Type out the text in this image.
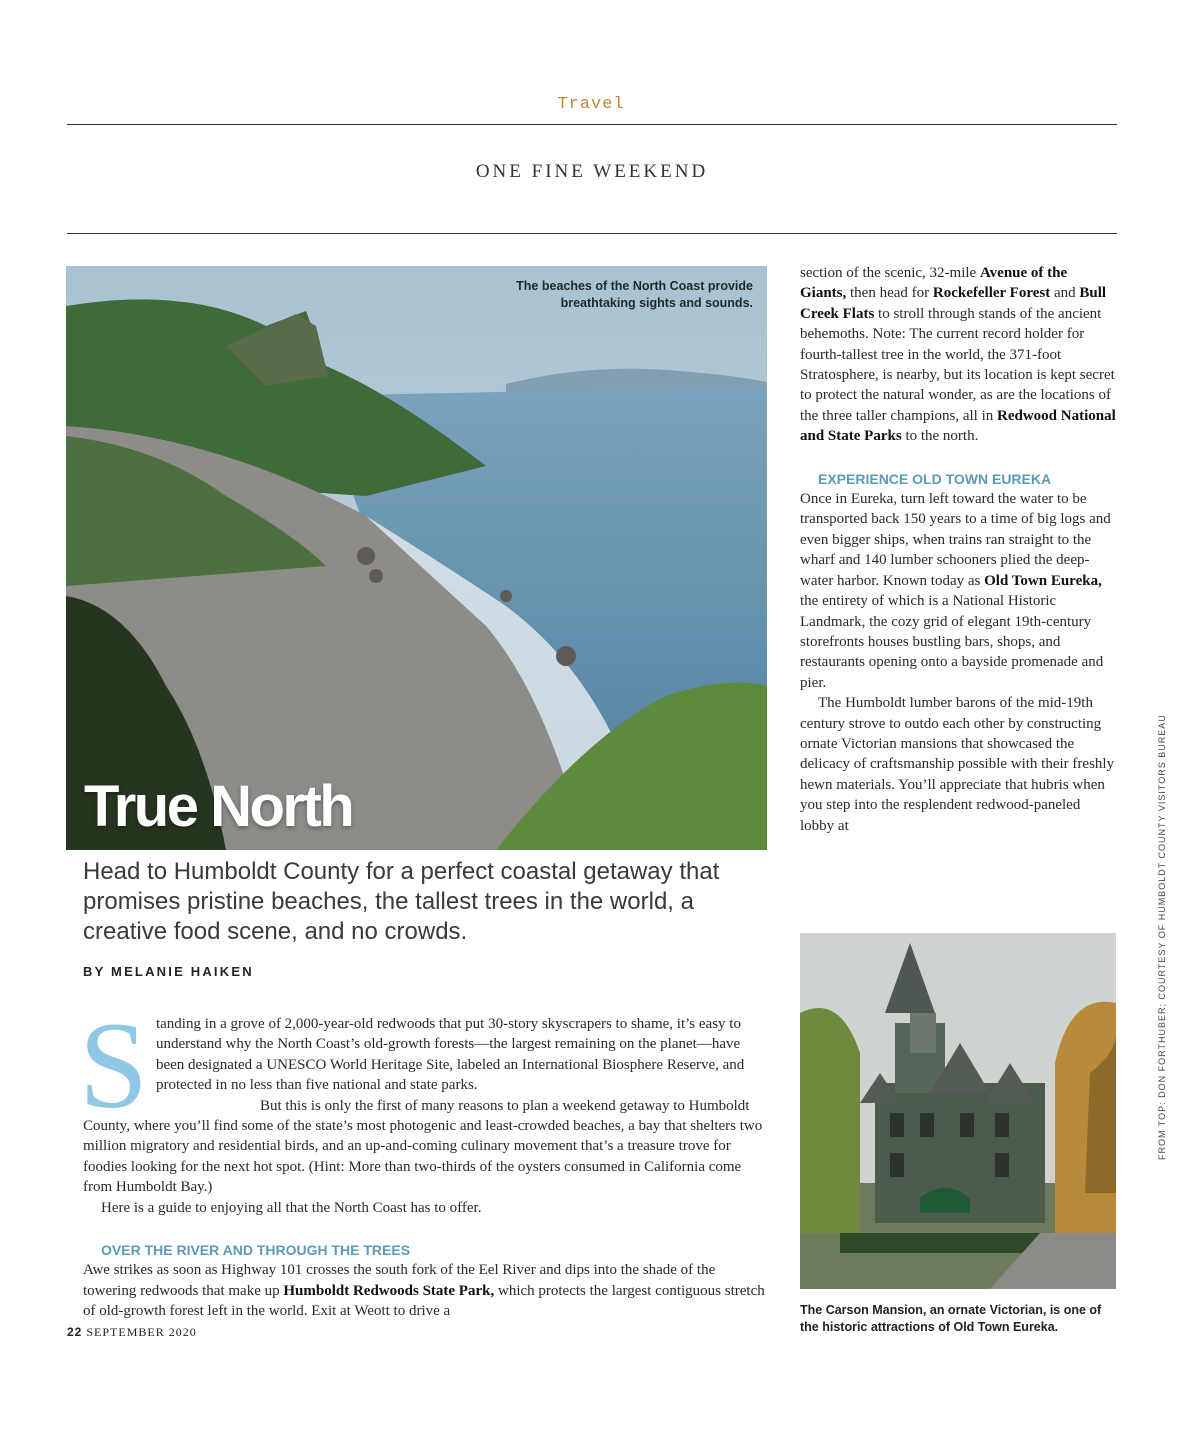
Travel
ONE FINE WEEKEND
The beaches of the North Coast provide breathtaking sights and sounds.
True North
Head to Humboldt County for a perfect coastal getaway that promises pristine beaches, the tallest trees in the world, a creative food scene, and no crowds.
BY MELANIE HAIKEN
S tanding in a grove of 2,000-year-old redwoods that put 30-story skyscrapers to shame, it’s easy to understand why the North Coast’s old-growth forests—the largest remaining on the planet—have been designated a UNESCO World Heritage Site, labeled an International Biosphere Reserve, and protected in no less than five national and state parks.

But this is only the first of many reasons to plan a weekend getaway to Humboldt County, where you’ll find some of the state’s most photogenic and least-crowded beaches, a bay that shelters two million migratory and residential birds, and an up-and-coming culinary movement that’s a treasure trove for foodies looking for the next hot spot. (Hint: More than two-thirds of the oysters consumed in California come from Humboldt Bay.)

Here is a guide to enjoying all that the North Coast has to offer.

OVER THE RIVER AND THROUGH THE TREES

Awe strikes as soon as Highway 101 crosses the south fork of the Eel River and dips into the shade of the towering redwoods that make up Humboldt Redwoods State Park, which protects the largest contiguous stretch of old-growth forest left in the world. Exit at Weott to drive a

section of the scenic, 32-mile Avenue of the Giants, then head for Rockefeller Forest and Bull Creek Flats to stroll through stands of the ancient behemoths. Note: The current record holder for fourth-tallest tree in the world, the 371-foot Stratosphere, is nearby, but its location is kept secret to protect the natural wonder, as are the locations of the three taller champions, all in Redwood National and State Parks to the north.

EXPERIENCE OLD TOWN EUREKA

Once in Eureka, turn left toward the water to be transported back 150 years to a time of big logs and even bigger ships, when trains ran straight to the wharf and 140 lumber schooners plied the deep-water harbor. Known today as Old Town Eureka, the entirety of which is a National Historic Landmark, the cozy grid of elegant 19th-century storefronts houses bustling bars, shops, and restaurants opening onto a bayside promenade and pier.

The Humboldt lumber barons of the mid-19th century strove to outdo each other by constructing ornate Victorian mansions that showcased the delicacy of craftsmanship possible with their freshly hewn materials. You’ll appreciate that hubris when you step into the resplendent redwood-paneled lobby at

The Carson Mansion, an ornate Victorian, is one of the historic attractions of Old Town Eureka.
FROM TOP: DON FORTHUBER; COURTESY OF HUMBOLDT COUNTY VISITORS BUREAU
22 SEPTEMBER 2020
